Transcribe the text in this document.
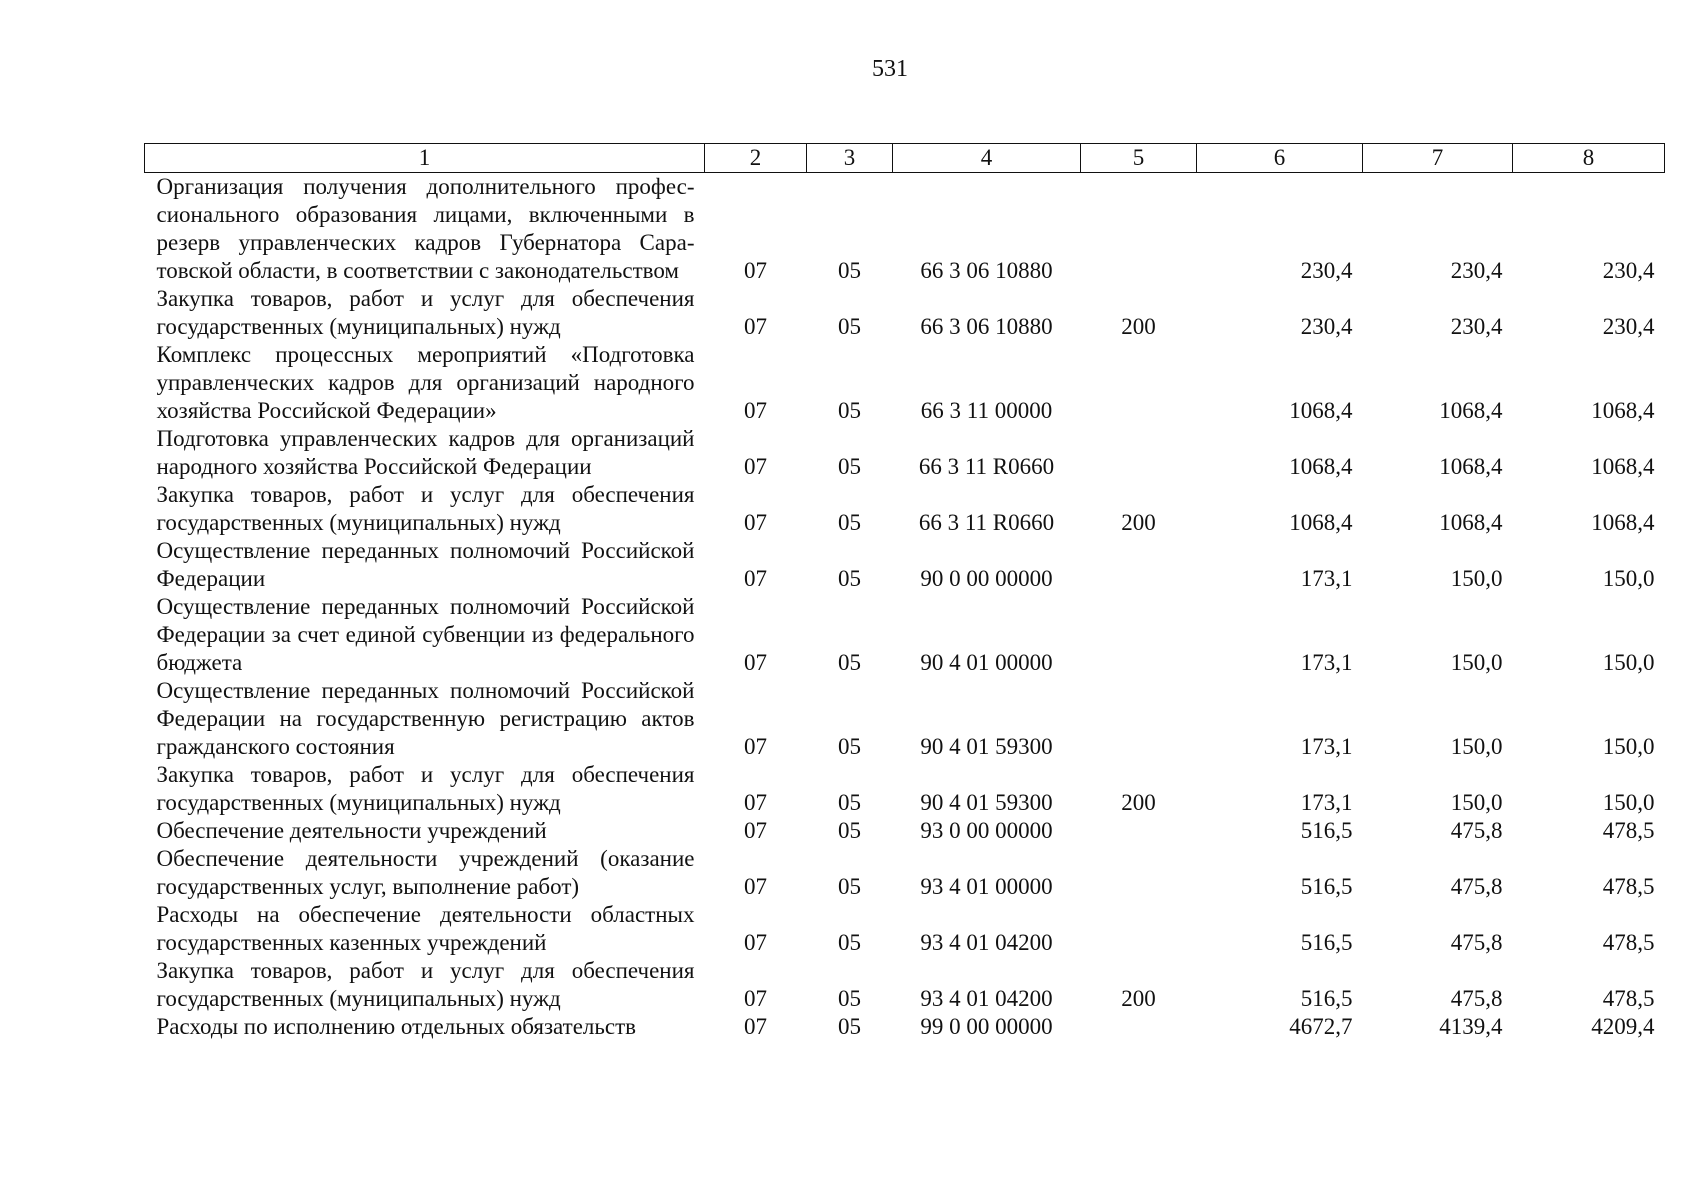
531
1	2	3	4	5	6	7	8
Организация получения дополнительного профессионального образования лицами, включенными в резерв управленческих кадров Губернатора Саратовской области, в соответствии с законодательством	07	05	66 3 06 10880		230,4	230,4	230,4
Закупка товаров, работ и услуг для обеспечения государственных (муниципальных) нужд	07	05	66 3 06 10880	200	230,4	230,4	230,4
Комплекс процессных мероприятий «Подготовка управленческих кадров для организаций народного хозяйства Российской Федерации»	07	05	66 3 11 00000		1068,4	1068,4	1068,4
Подготовка управленческих кадров для организаций народного хозяйства Российской Федерации	07	05	66 3 11 R0660		1068,4	1068,4	1068,4
Закупка товаров, работ и услуг для обеспечения государственных (муниципальных) нужд	07	05	66 3 11 R0660	200	1068,4	1068,4	1068,4
Осуществление переданных полномочий Российской Федерации	07	05	90 0 00 00000		173,1	150,0	150,0
Осуществление переданных полномочий Российской Федерации за счет единой субвенции из федерального бюджета	07	05	90 4 01 00000		173,1	150,0	150,0
Осуществление переданных полномочий Российской Федерации на государственную регистрацию актов гражданского состояния	07	05	90 4 01 59300		173,1	150,0	150,0
Закупка товаров, работ и услуг для обеспечения государственных (муниципальных) нужд	07	05	90 4 01 59300	200	173,1	150,0	150,0
Обеспечение деятельности учреждений	07	05	93 0 00 00000		516,5	475,8	478,5
Обеспечение деятельности учреждений (оказание государственных услуг, выполнение работ)	07	05	93 4 01 00000		516,5	475,8	478,5
Расходы на обеспечение деятельности областных государственных казенных учреждений	07	05	93 4 01 04200		516,5	475,8	478,5
Закупка товаров, работ и услуг для обеспечения государственных (муниципальных) нужд	07	05	93 4 01 04200	200	516,5	475,8	478,5
Расходы по исполнению отдельных обязательств	07	05	99 0 00 00000		4672,7	4139,4	4209,4
